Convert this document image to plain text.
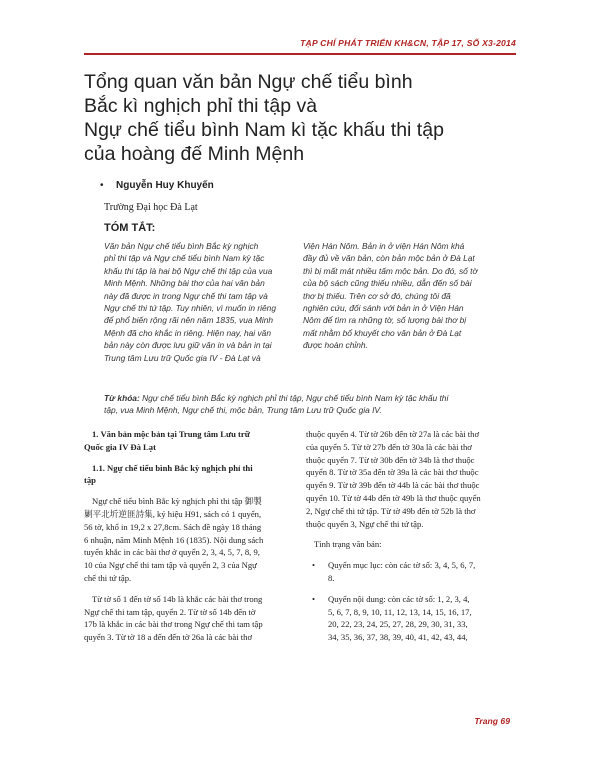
TẠP CHÍ PHÁT TRIỂN KH&CN, TẬP 17, SỐ X3-2014
Tổng quan văn bản Ngự chế tiểu bình
Bắc kì nghịch phỉ thi tập và
Ngự chế tiểu bình Nam kì tặc khấu thi tập
của hoàng đế Minh Mệnh
• Nguyễn Huy Khuyến
Trường Đại học Đà Lạt
TÓM TẮT:
Văn bản Ngự chế tiểu bình Bắc kỳ nghịch
phỉ thi tập và Ngự chế tiểu bình Nam kỳ tặc
khấu thi tập là hai bộ Ngự chế thi tập của vua
Minh Mệnh. Những bài thơ của hai văn bản
này đã được in trong Ngự chế thi tam tập và
Ngự chế thi tứ tập. Tuy nhiên, vì muốn in riêng
để phổ biến rộng rãi nên năm 1835, vua Minh
Mệnh đã cho khắc in riêng. Hiện nay, hai văn
bản này còn được lưu giữ văn in và bản in tại
Trung tâm Lưu trữ Quốc gia IV - Đà Lạt và
Viện Hán Nôm. Bản in ở viện Hán Nôm khá
đầy đủ về văn bản, còn bản mộc bản ở Đà Lạt
thì bị mất mát nhiều tấm mộc bản. Do đó, số tờ
của bộ sách cũng thiếu nhiều, dẫn đến số bài
thơ bị thiếu. Trên cơ sở đó, chúng tôi đã
nghiên cứu, đối sánh với bản in ở Viện Hán
Nôm để tìm ra những tờ, số lượng bài thơ bị
mất nhằm bổ khuyết cho văn bản ở Đà Lạt
được hoàn chỉnh.
Từ khóa: Ngự chế tiểu bình Bắc kỳ nghịch phỉ thi tập, Ngự chế tiểu bình Nam kỳ tặc khấu thi
tập, vua Minh Mệnh, Ngự chế thi, mộc bản, Trung tâm Lưu trữ Quốc gia IV.
1. Văn bản mộc bản tại Trung tâm Lưu trữ
Quốc gia IV Đà Lạt
1.1. Ngự chế tiểu bình Bắc kỳ nghịch phỉ thi
tập
Ngự chế tiểu bình Bắc kỳ nghịch phỉ thi tập 御製
剿平北圻逆匪詩集, ký hiệu H91, sách có 1 quyển,
56 tờ, khổ in 19,2 x 27,8cm. Sách đề ngày 18 tháng
6 nhuận, năm Minh Mệnh 16 (1835). Nội dung sách
tuyển khắc in các bài thơ ở quyển 2, 3, 4, 5, 7, 8, 9,
10 của Ngự chế thi tam tập và quyển 2, 3 của Ngự
chế thi tứ tập.
Từ tờ số 1 đến tờ số 14b là khắc các bài thơ trong
Ngự chế thi tam tập, quyển 2. Từ tờ số 14b đến tờ
17b là khắc in các bài thơ trong Ngự chế thi tam tập
quyển 3. Từ tờ 18 a đến đến tờ 26a là các bài thơ
thuộc quyển 4. Từ tờ 26b đến tờ 27a là các bài thơ
của quyển 5. Từ tờ 27b đến tờ 30a là các bài thơ
thuộc quyển 7. Từ tờ 30b đến tờ 34b là thơ thuộc
quyển 8. Từ tờ 35a đến tờ 39a là các bài thơ thuộc
quyển 9. Từ tờ 39b đến tờ 44b là các bài thơ thuộc
quyển 10. Từ tờ 44b đến tờ 49b là thơ thuộc quyển
2, Ngự chế thi tứ tập. Từ tờ 49b đến tờ 52b là thơ
thuộc quyển 3, Ngự chế thi tứ tập.
Tình trạng văn bản:
• Quyển mục lục: còn các tờ số: 3, 4, 5, 6, 7,
8.
• Quyển nội dung: còn các tờ số: 1, 2, 3, 4,
5, 6, 7, 8, 9, 10, 11, 12, 13, 14, 15, 16, 17,
20, 22, 23, 24, 25, 27, 28, 29, 30, 31, 33,
34, 35, 36, 37, 38, 39, 40, 41, 42, 43, 44,
Trang 69
